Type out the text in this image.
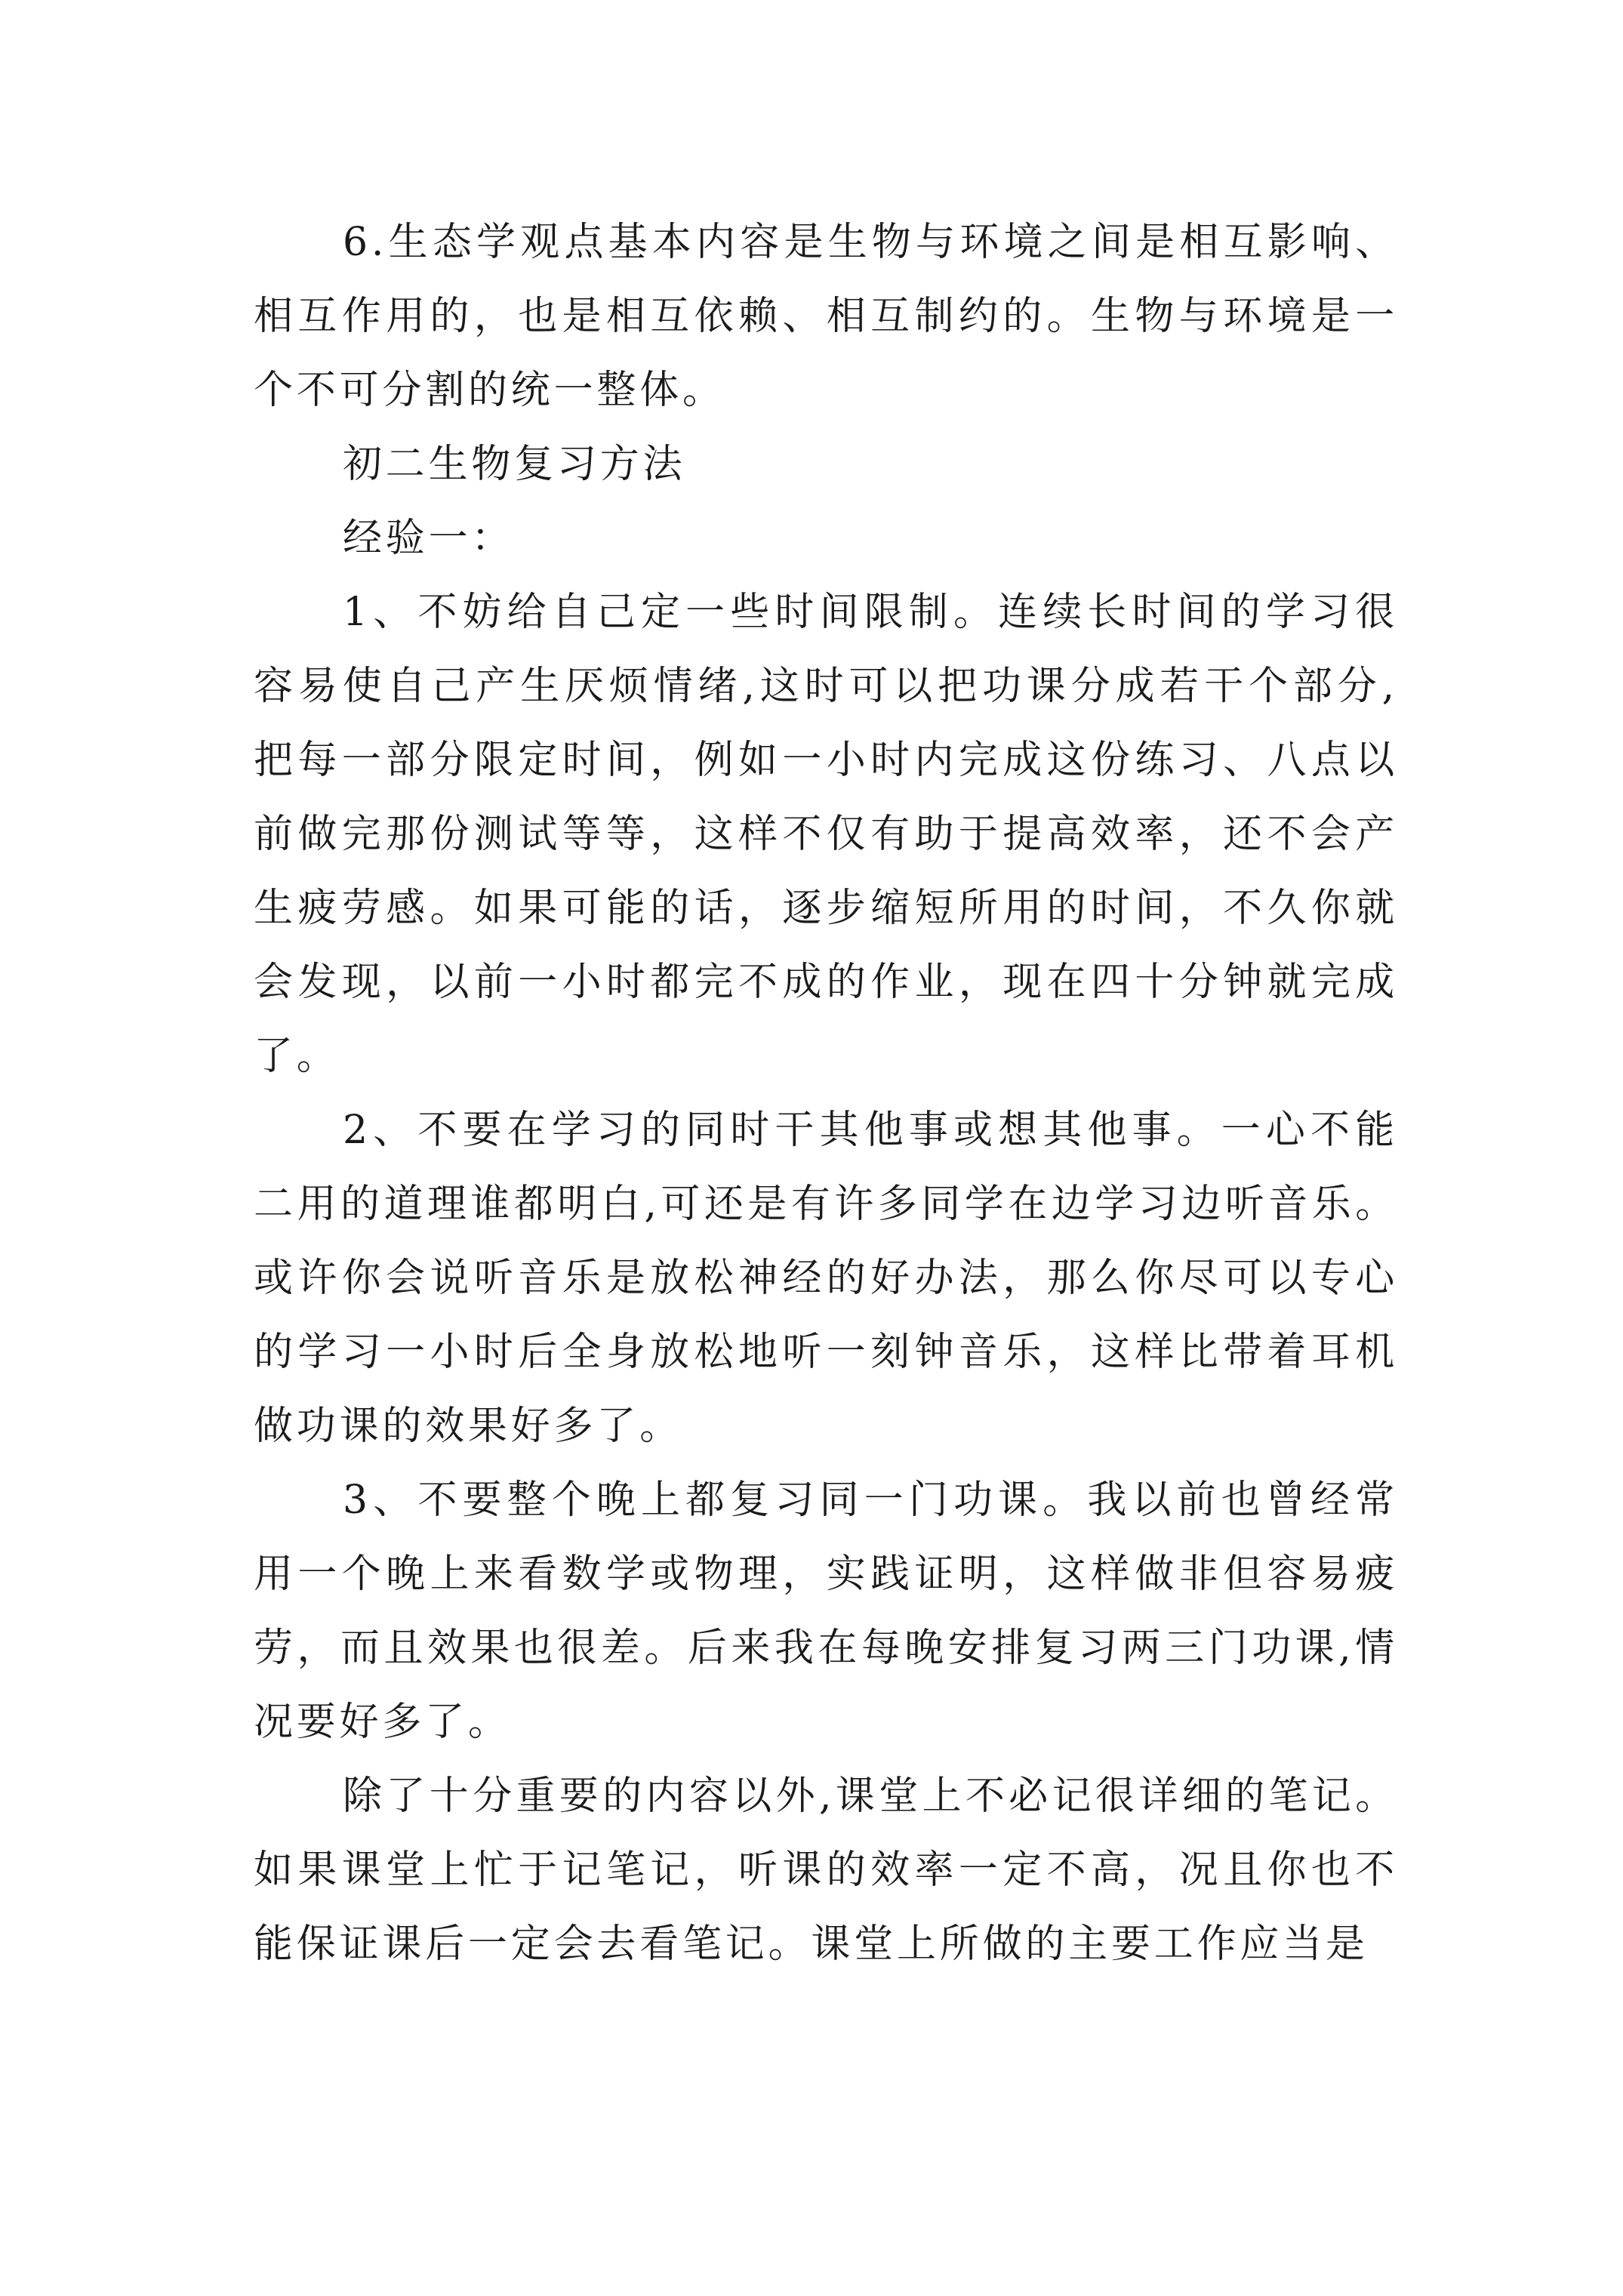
6.生态学观点基本内容是生物与环境之间是相互影响、相互作用的，也是相互依赖、相互制约的。生物与环境是一个不可分割的统一整体。

初二生物复习方法

经验一：

1、不妨给自己定一些时间限制。连续长时间的学习很容易使自己产生厌烦情绪,这时可以把功课分成若干个部分,把每一部分限定时间，例如一小时内完成这份练习、八点以前做完那份测试等等，这样不仅有助于提高效率，还不会产生疲劳感。如果可能的话，逐步缩短所用的时间，不久你就会发现，以前一小时都完不成的作业，现在四十分钟就完成了。

2、不要在学习的同时干其他事或想其他事。一心不能二用的道理谁都明白,可还是有许多同学在边学习边听音乐。或许你会说听音乐是放松神经的好办法，那么你尽可以专心的学习一小时后全身放松地听一刻钟音乐，这样比带着耳机做功课的效果好多了。

3、不要整个晚上都复习同一门功课。我以前也曾经常用一个晚上来看数学或物理，实践证明，这样做非但容易疲劳，而且效果也很差。后来我在每晚安排复习两三门功课,情况要好多了。

除了十分重要的内容以外,课堂上不必记很详细的笔记。如果课堂上忙于记笔记，听课的效率一定不高，况且你也不能保证课后一定会去看笔记。课堂上所做的主要工作应当是
